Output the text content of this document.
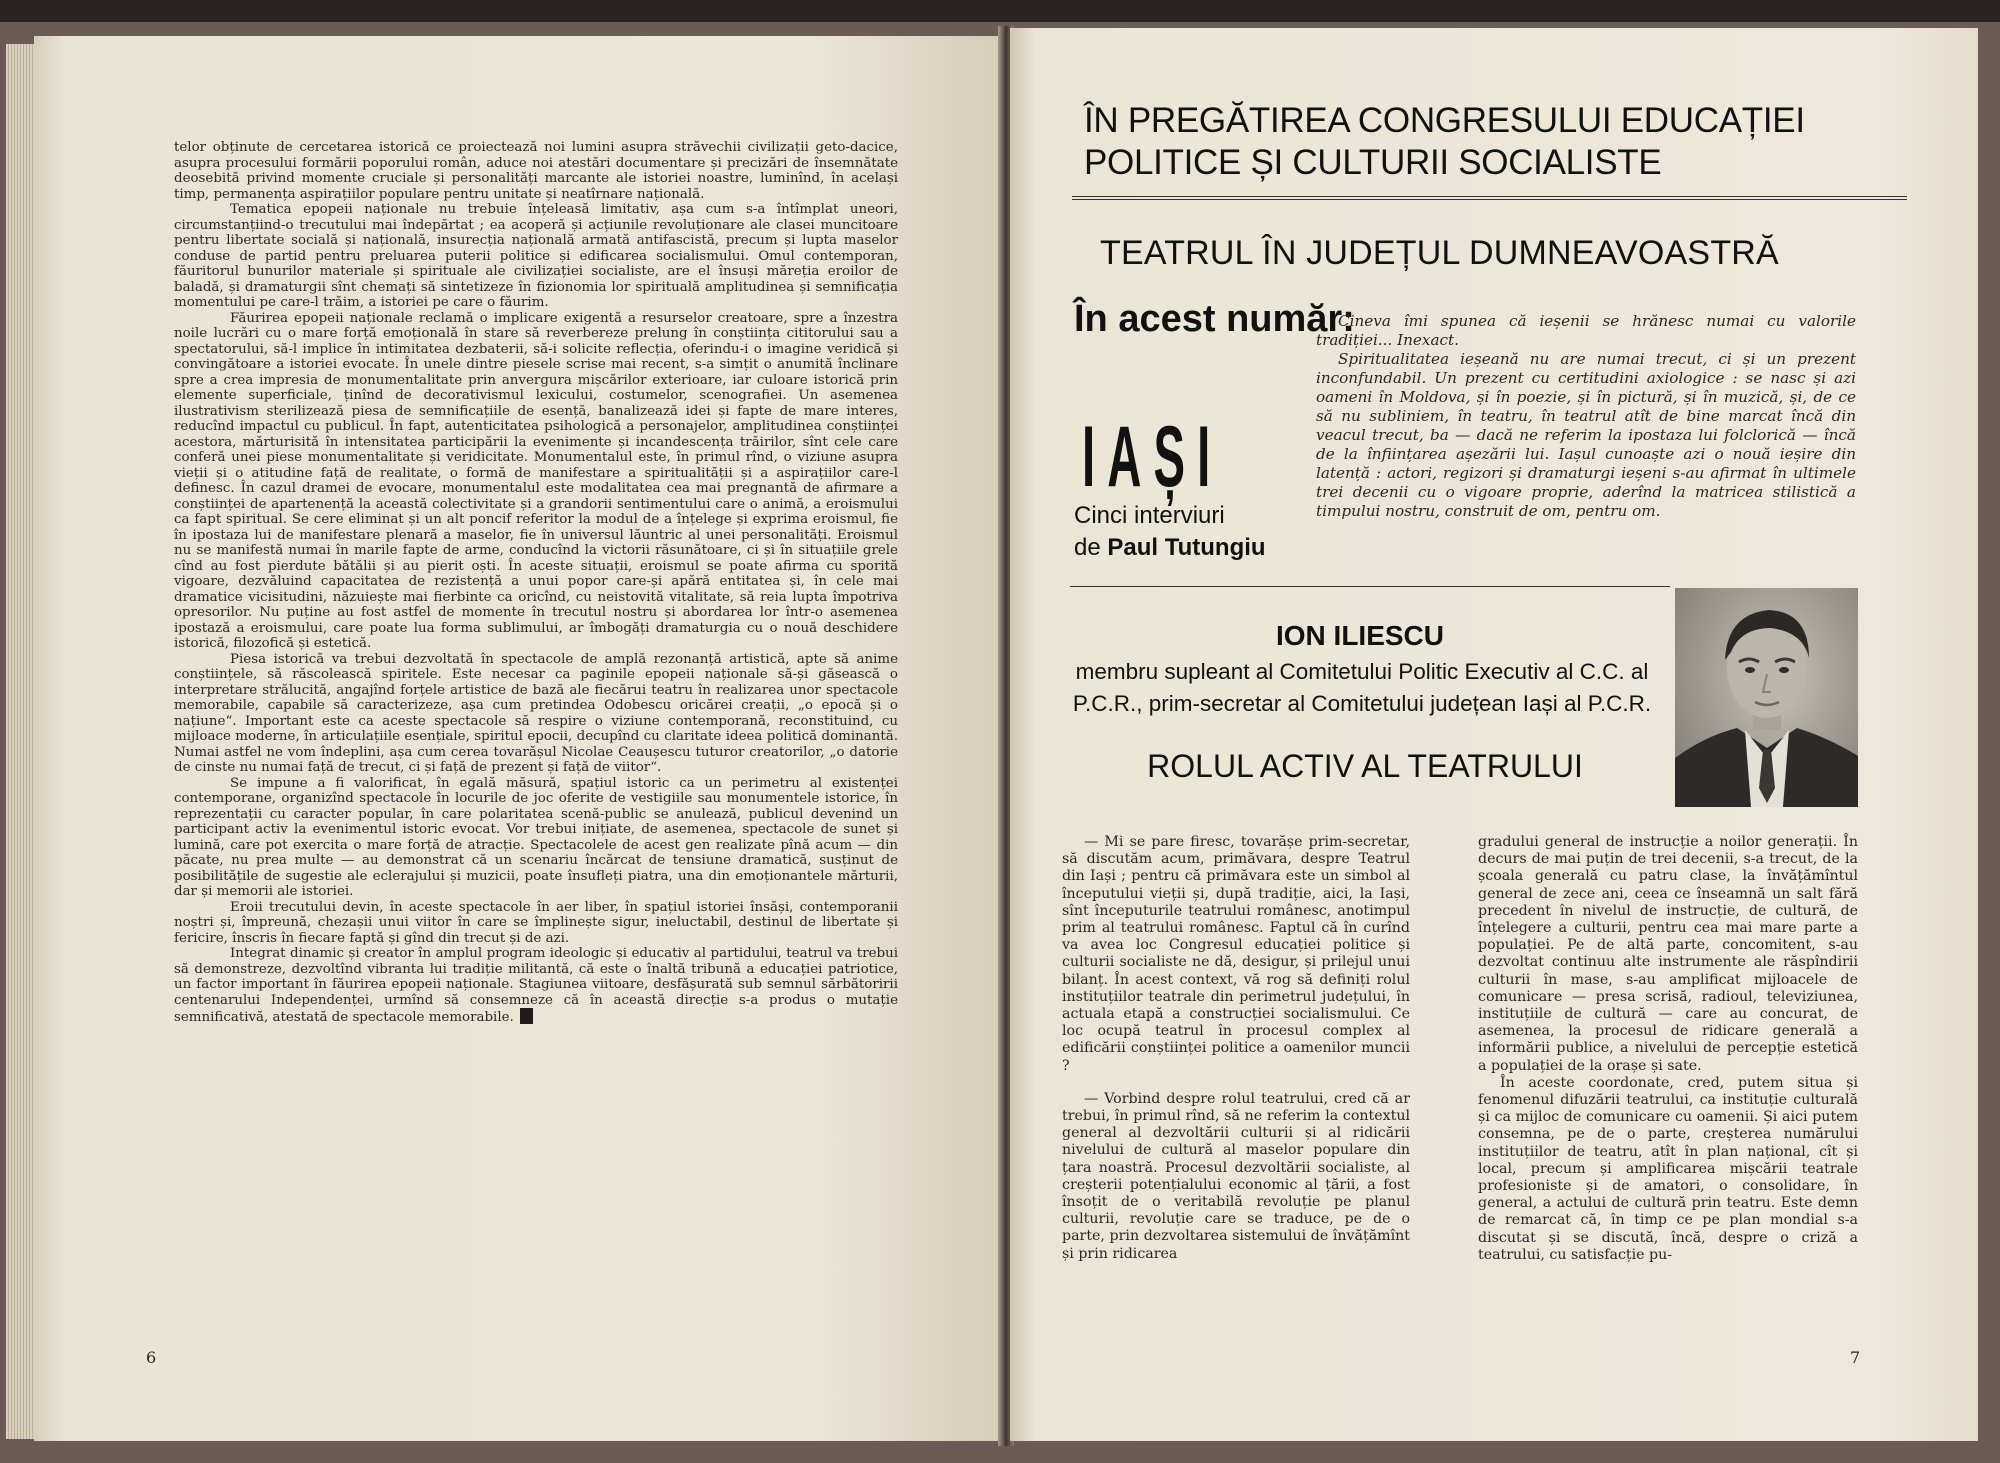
telor obținute de cercetarea istorică ce proiectează noi lumini asupra străvechii civilizații geto-dacice, asupra procesului formării poporului român, aduce noi atestări documentare și precizări de însemnătate deosebită privind momente cruciale și personalități marcante ale istoriei noastre, luminînd, în același timp, permanența aspirațiilor populare pentru unitate și neatîrnare națională.

Tematica epopeii naționale nu trebuie înțeleasă limitativ, așa cum s-a întîmplat uneori, circumstanțiind-o trecutului mai îndepărtat ; ea acoperă și acțiunile revoluționare ale clasei muncitoare pentru libertate socială și națională, insurecția națională armată antifascistă, precum și lupta maselor conduse de partid pentru preluarea puterii politice și edificarea socialismului. Omul contemporan, făuritorul bunurilor materiale și spirituale ale civilizației socialiste, are el însuși măreția eroilor de baladă, și dramaturgii sînt chemați să sintetizeze în fizionomia lor spirituală amplitudinea și semnificația momentului pe care-l trăim, a istoriei pe care o făurim.

Făurirea epopeii naționale reclamă o implicare exigentă a resurselor creatoare, spre a înzestra noile lucrări cu o mare forță emoțională în stare să reverbereze prelung în conștiința cititorului sau a spectatorului, să-l implice în intimitatea dezbaterii, să-i solicite reflecția, oferindu-i o imagine veridică și convingătoare a istoriei evocate. În unele dintre piesele scrise mai recent, s-a simțit o anumită înclinare spre a crea impresia de monumentalitate prin anvergura mișcărilor exterioare, iar culoare istorică prin elemente superficiale, ținînd de decorativismul lexicului, costumelor, scenografiei. Un asemenea ilustrativism sterilizează piesa de semnificațiile de esență, banalizează idei și fapte de mare interes, reducînd impactul cu publicul. În fapt, autenticitatea psihologică a personajelor, amplitudinea conștiinței acestora, mărturisită în intensitatea participării la evenimente și incandescența trăirilor, sînt cele care conferă unei piese monumentalitate și veridicitate. Monumentalul este, în primul rînd, o viziune asupra vieții și o atitudine față de realitate, o formă de manifestare a spiritualității și a aspirațiilor care-l definesc. În cazul dramei de evocare, monumentalul este modalitatea cea mai pregnantă de afirmare a conștiinței de apartenență la această colectivitate și a grandorii sentimentului care o animă, a eroismului ca fapt spiritual. Se cere eliminat și un alt poncif referitor la modul de a înțelege și exprima eroismul, fie în ipostaza lui de manifestare plenară a maselor, fie în universul lăuntric al unei personalități. Eroismul nu se manifestă numai în marile fapte de arme, conducînd la victorii răsunătoare, ci și în situațiile grele cînd au fost pierdute bătălii și au pierit oști. În aceste situații, eroismul se poate afirma cu sporită vigoare, dezvăluind capacitatea de rezistență a unui popor care-și apără entitatea și, în cele mai dramatice vicisitudini, năzuiește mai fierbinte ca oricînd, cu neistovită vitalitate, să reia lupta împotriva opresorilor. Nu puține au fost astfel de momente în trecutul nostru și abordarea lor într-o asemenea ipostază a eroismului, care poate lua forma sublimului, ar îmbogăți dramaturgia cu o nouă deschidere istorică, filozofică și estetică.

Piesa istorică va trebui dezvoltată în spectacole de amplă rezonanță artistică, apte să anime conștiințele, să răscolească spiritele. Este necesar ca paginile epopeii naționale să-și găsească o interpretare strălucită, angajînd forțele artistice de bază ale fiecărui teatru în realizarea unor spectacole memorabile, capabile să caracterizeze, așa cum pretindea Odobescu oricărei creații, „o epocă și o națiune“. Important este ca aceste spectacole să respire o viziune contemporană, reconstituind, cu mijloace moderne, în articulațiile esențiale, spiritul epocii, decupînd cu claritate ideea politică dominantă. Numai astfel ne vom îndeplini, așa cum cerea tovarășul Nicolae Ceaușescu tuturor creatorilor, „o datorie de cinste nu numai față de trecut, ci și față de prezent și față de viitor“.

Se impune a fi valorificat, în egală măsură, spațiul istoric ca un perimetru al existenței contemporane, organizînd spectacole în locurile de joc oferite de vestigiile sau monumentele istorice, în reprezentații cu caracter popular, în care polaritatea scenă-public se anulează, publicul devenind un participant activ la evenimentul istoric evocat. Vor trebui inițiate, de asemenea, spectacole de sunet și lumină, care pot exercita o mare forță de atracție. Spectacolele de acest gen realizate pînă acum — din păcate, nu prea multe — au demonstrat că un scenariu încărcat de tensiune dramatică, susținut de posibilitățile de sugestie ale eclerajului și muzicii, poate însufleți piatra, una din emoționantele mărturii, dar și memorii ale istoriei.

Eroii trecutului devin, în aceste spectacole în aer liber, în spațiul istoriei însăși, contemporanii noștri și, împreună, chezașii unui viitor în care se împlinește sigur, ineluctabil, destinul de libertate și fericire, înscris în fiecare faptă și gînd din trecut și de azi.

Integrat dinamic și creator în amplul program ideologic și educativ al partidului, teatrul va trebui să demonstreze, dezvoltînd vibranta lui tradiție militantă, că este o înaltă tribună a educației patriotice, un factor important în făurirea epopeii naționale. Stagiunea viitoare, desfășurată sub semnul sărbătoririi centenarului Independenței, urmînd să consemneze că în această direcție s-a produs o mutație semnificativă, atestată de spectacole memorabile.

6
ÎN PREGĂTIREA CONGRESULUI EDUCAȚIEI POLITICE ȘI CULTURII SOCIALISTE
TEATRUL ÎN JUDEȚUL DUMNEAVOASTRĂ
În acest număr:
IAȘI
Cinci interviuri
de Paul Tutungiu

Cineva îmi spunea că ieșenii se hrănesc numai cu valorile tradiției... Inexact.

Spiritualitatea ieșeană nu are numai trecut, ci și un prezent inconfundabil. Un prezent cu certitudini axiologice : se nasc și azi oameni în Moldova, și în poezie, și în pictură, și în muzică, și, de ce să nu subliniem, în teatru, în teatrul atît de bine marcat încă din veacul trecut, ba — dacă ne referim la ipostaza lui folclorică — încă de la înființarea așezării lui. Iașul cunoaște azi o nouă ieșire din latență : actori, regizori și dramaturgi ieșeni s-au afirmat în ultimele trei decenii cu o vigoare proprie, aderînd la matricea stilistică a timpului nostru, construit de om, pentru om.

ION ILIESCU
membru supleant al Comitetului Politic Executiv al C.C. al P.C.R., prim-secretar al Comitetului județean Iași al P.C.R.
ROLUL ACTIV AL TEATRULUI

— Mi se pare firesc, tovarășe prim-secretar, să discutăm acum, primăvara, despre Teatrul din Iași ; pentru că primăvara este un simbol al începutului vieții și, după tradiție, aici, la Iași, sînt începuturile teatrului românesc, anotimpul prim al teatrului românesc. Faptul că în curînd va avea loc Congresul educației politice și culturii socialiste ne dă, desigur, și prilejul unui bilanț. În acest context, vă rog să definiți rolul instituțiilor teatrale din perimetrul județului, în actuala etapă a construcției socialismului. Ce loc ocupă teatrul în procesul complex al edificării conștiinței politice a oamenilor muncii ?

— Vorbind despre rolul teatrului, cred că ar trebui, în primul rînd, să ne referim la contextul general al dezvoltării culturii și al ridicării nivelului de cultură al maselor populare din țara noastră. Procesul dezvoltării socialiste, al creșterii potențialului economic al țării, a fost însoțit de o veritabilă revoluție pe planul culturii, revoluție care se traduce, pe de o parte, prin dezvoltarea sistemului de învățămînt și prin ridicarea

gradului general de instrucție a noilor generații. În decurs de mai puțin de trei decenii, s-a trecut, de la școala generală cu patru clase, la învățămîntul general de zece ani, ceea ce înseamnă un salt fără precedent în nivelul de instrucție, de cultură, de înțelegere a culturii, pentru cea mai mare parte a populației. Pe de altă parte, concomitent, s-au dezvoltat continuu alte instrumente ale răspîndirii culturii în mase, s-au amplificat mijloacele de comunicare — presa scrisă, radioul, televiziunea, instituțiile de cultură — care au concurat, de asemenea, la procesul de ridicare generală a informării publice, a nivelului de percepție estetică a populației de la orașe și sate.

În aceste coordonate, cred, putem situa și fenomenul difuzării teatrului, ca instituție culturală și ca mijloc de comunicare cu oamenii. Și aici putem consemna, pe de o parte, creșterea numărului instituțiilor de teatru, atît în plan național, cît și local, precum și amplificarea mișcării teatrale profesioniste și de amatori, o consolidare, în general, a actului de cultură prin teatru. Este demn de remarcat că, în timp ce pe plan mondial s-a discutat și se discută, încă, despre o criză a teatrului, cu satisfacție pu-

7
